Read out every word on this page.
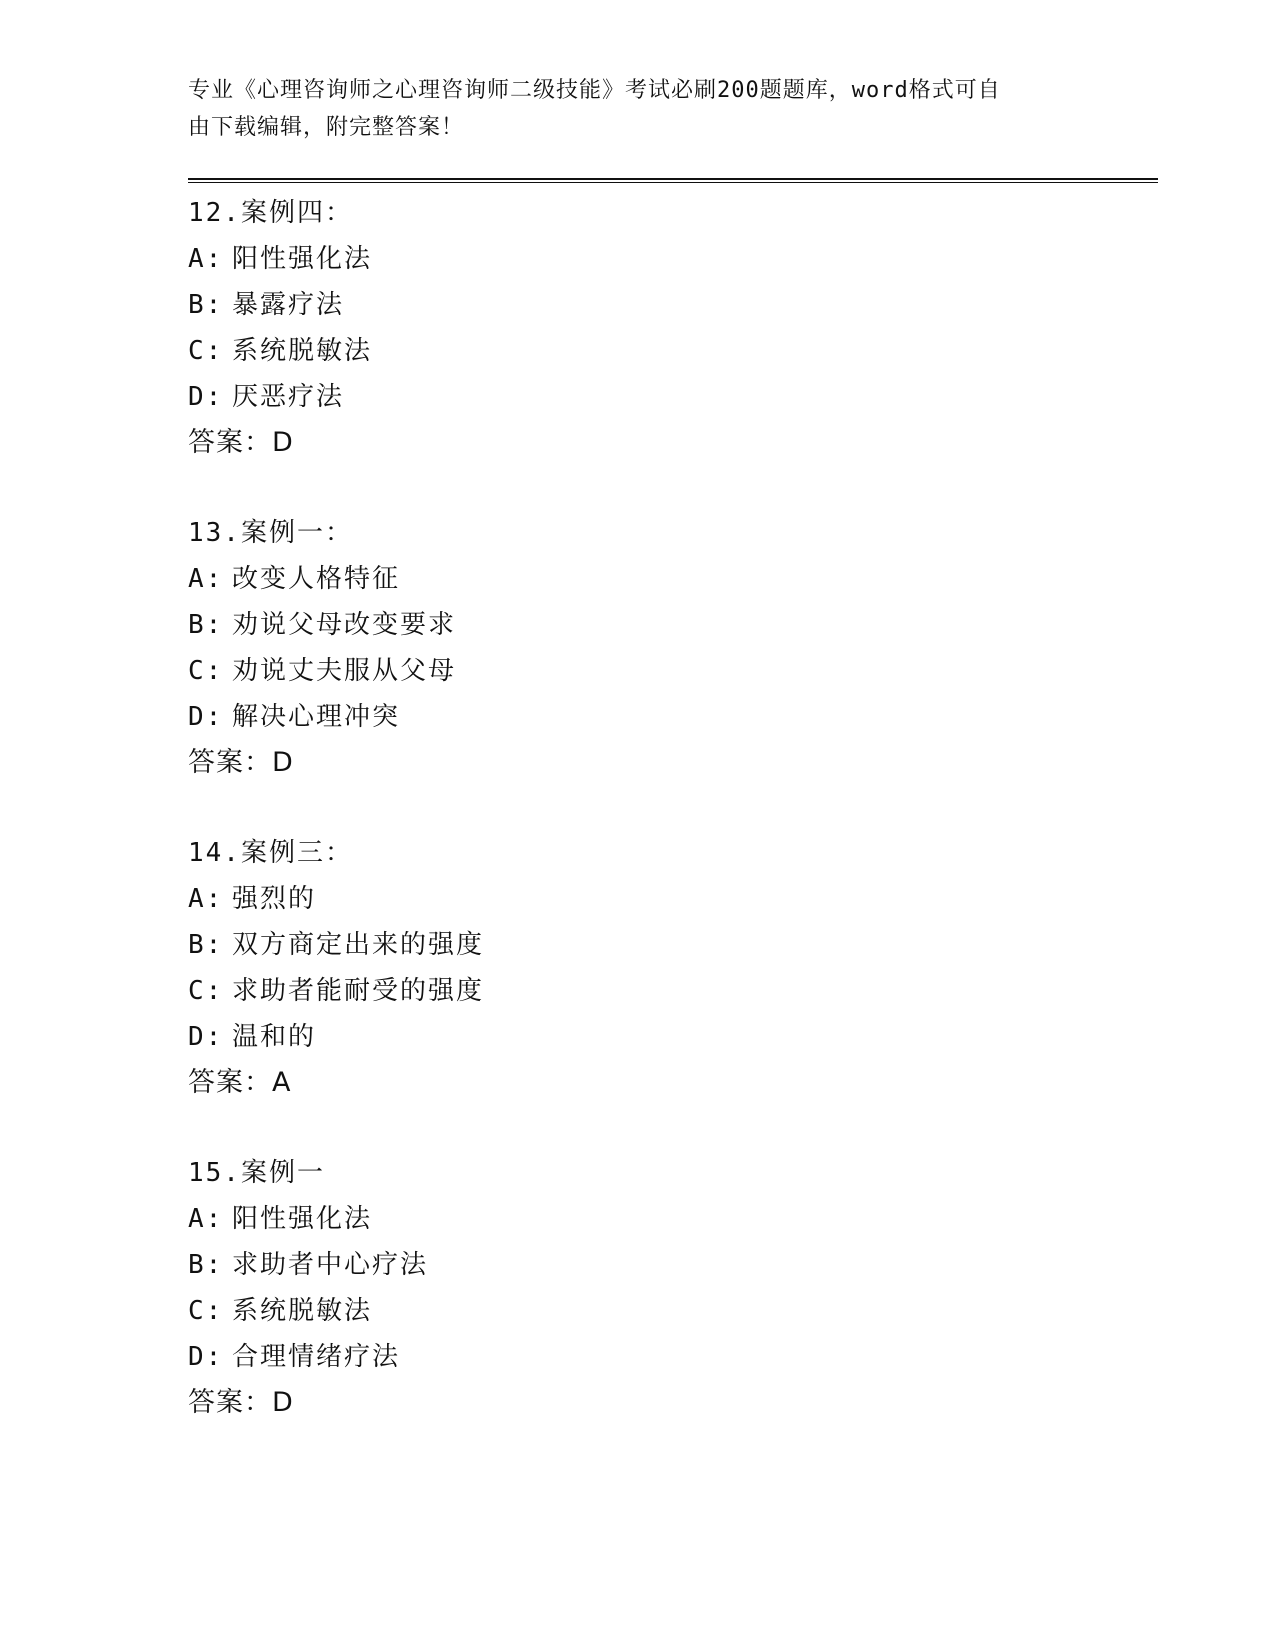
专业《心理咨询师之心理咨询师二级技能》考试必刷200题题库，word格式可自
由下载编辑，附完整答案！
12.案例四：
A: 阳性强化法
B: 暴露疗法
C: 系统脱敏法
D: 厌恶疗法
答案：D
13.案例一：
A: 改变人格特征
B: 劝说父母改变要求
C: 劝说丈夫服从父母
D: 解决心理冲突
答案：D
14.案例三：
A: 强烈的
B: 双方商定出来的强度
C: 求助者能耐受的强度
D: 温和的
答案：A
15.案例一
A: 阳性强化法
B: 求助者中心疗法
C: 系统脱敏法
D: 合理情绪疗法
答案：D
